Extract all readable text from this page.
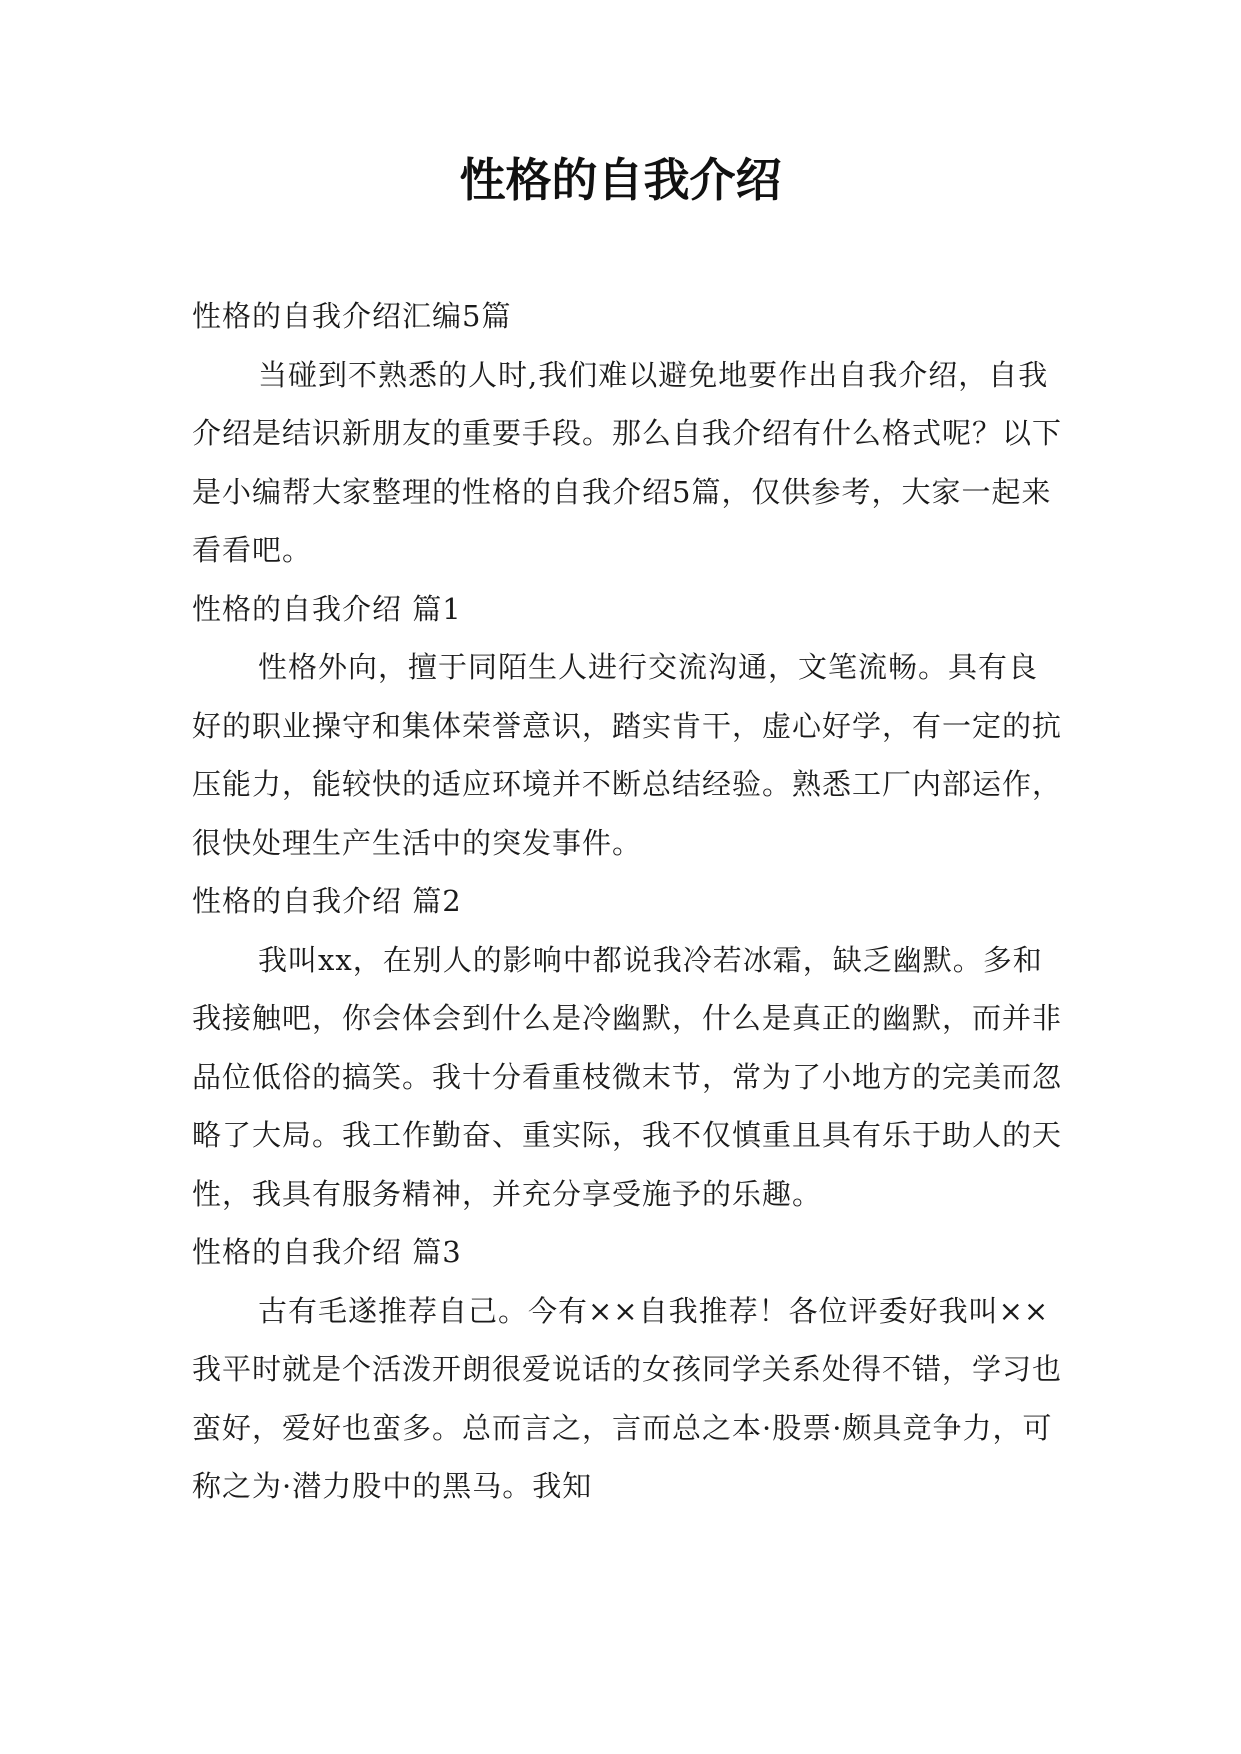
性格的自我介绍

性格的自我介绍汇编5篇

当碰到不熟悉的人时,我们难以避免地要作出自我介绍，自我介绍是结识新朋友的重要手段。那么自我介绍有什么格式呢？以下是小编帮大家整理的性格的自我介绍5篇，仅供参考，大家一起来看看吧。

性格的自我介绍 篇1

性格外向，擅于同陌生人进行交流沟通，文笔流畅。具有良好的职业操守和集体荣誉意识，踏实肯干，虚心好学，有一定的抗压能力，能较快的适应环境并不断总结经验。熟悉工厂内部运作，很快处理生产生活中的突发事件。

性格的自我介绍 篇2

我叫xx，在别人的影响中都说我冷若冰霜，缺乏幽默。多和我接触吧，你会体会到什么是冷幽默，什么是真正的幽默，而并非品位低俗的搞笑。我十分看重枝微末节，常为了小地方的完美而忽略了大局。我工作勤奋、重实际，我不仅慎重且具有乐于助人的天性，我具有服务精神，并充分享受施予的乐趣。

性格的自我介绍 篇3

古有毛遂推荐自己。今有××自我推荐！各位评委好我叫××我平时就是个活泼开朗很爱说话的女孩同学关系处得不错，学习也蛮好，爱好也蛮多。总而言之，言而总之本·股票·颇具竞争力，可称之为·潜力股中的黑马。我知
